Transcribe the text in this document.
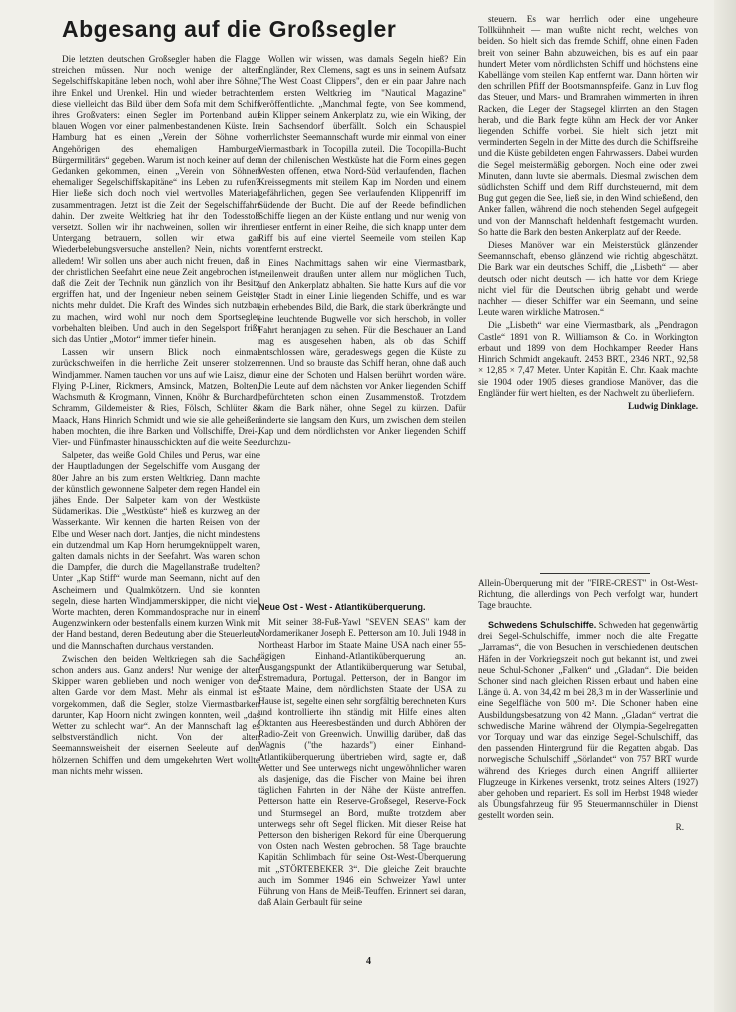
Abgesang auf die Großsegler

Die letzten deutschen Großsegler haben die Flagge streichen müssen. Nur noch wenige der alten Segelschiffskapitäne leben noch, wohl aber ihre Söhne, ihre Enkel und Urenkel. Hin und wieder betrachten diese vielleicht das Bild über dem Sofa mit dem Schiff ihres Großvaters: einen Segler im Portenband auf blauen Wogen vor einer palmenbestandenen Küste. In Hamburg hat es einen „Verein der Söhne von Angehörigen des ehemaligen Hamburger Bürgermilitärs“ gegeben. Warum ist noch keiner auf den Gedanken gekommen, einen „Verein von Söhnen ehemaliger Segelschiffskapitäne“ ins Leben zu rufen? Hier ließe sich doch noch viel wertvolles Material zusammentragen. Jetzt ist die Zeit der Segelschiffahrt dahin. Der zweite Weltkrieg hat ihr den Todesstoß versetzt. Sollen wir ihr nachweinen, sollen wir ihren Untergang betrauern, sollen wir etwa gar Wiederbelebungsversuche anstellen? Nein, nichts von alledem! Wir sollen uns aber auch nicht freuen, daß in der christlichen Seefahrt eine neue Zeit angebrochen ist, daß die Zeit der Technik nun gänzlich von ihr Besitz ergriffen hat, und der Ingenieur neben seinem Geiste nichts mehr duldet. Die Kraft des Windes sich nutzbar zu machen, wird wohl nur noch dem Sportsegler vorbehalten bleiben. Und auch in den Segelsport frißt sich das Untier „Motor“ immer tiefer hinein.

Lassen wir unsern Blick noch einmal zurückschweifen in die herrliche Zeit unserer stolzen Windjammer. Namen tauchen vor uns auf wie Laisz, die Flying P-Liner, Rickmers, Amsinck, Matzen, Bolten, Wachsmuth & Krogmann, Vinnen, Knöhr & Burchard, Schramm, Gildemeister & Ries, Fölsch, Schlüter & Maack, Hans Hinrich Schmidt und wie sie alle geheißen haben mochten, die ihre Barken und Vollschiffe, Drei-, Vier- und Fünfmaster hinausschickten auf die weite See.

Salpeter, das weiße Gold Chiles und Perus, war eine der Hauptladungen der Segelschiffe vom Ausgang der 80er Jahre an bis zum ersten Weltkrieg. Dann machte der künstlich gewonnene Salpeter dem regen Handel ein jähes Ende. Der Salpeter kam von der Westküste Südamerikas. Die „Westküste“ hieß es kurzweg an der Wasserkante. Wir kennen die harten Reisen von der Elbe und Weser nach dort. Jantjes, die nicht mindestens ein dutzendmal um Kap Horn herumgeknüppelt waren, galten damals nichts in der Seefahrt. Was waren schon die Dampfer, die durch die Magellanstraße trudelten? Unter „Kap Stiff“ wurde man Seemann, nicht auf den Ascheimern und Qualmkötzern. Und sie konnten segeln, diese harten Windjammerskipper, die nicht viel Worte machten, deren Kommandosprache nur in einem Augenzwinkern oder bestenfalls einem kurzen Wink mit der Hand bestand, deren Bedeutung aber die Steuerleute und die Mannschaften durchaus verstanden.

Zwischen den beiden Weltkriegen sah die Sache schon anders aus. Ganz anders! Nur wenige der alten Skipper waren geblieben und noch weniger von der alten Garde vor dem Mast. Mehr als einmal ist es vorgekommen, daß die Segler, stolze Viermastbarken darunter, Kap Hoorn nicht zwingen konnten, weil „das Wetter zu schlecht war“. An der Mannschaft lag es selbstverständlich nicht. Von der alten Seemannsweisheit der eisernen Seeleute auf den hölzernen Schiffen und dem umgekehrten Wert wollte man nichts mehr wissen.

Wollen wir wissen, was damals Segeln hieß? Ein Engländer, Rex Clemens, sagt es uns in seinem Aufsatz "The West Coast Clippers", den er ein paar Jahre nach dem ersten Weltkrieg im "Nautical Magazine" veröffentlichte. „Manchmal fegte, von See kommend, ein Klipper seinem Ankerplatz zu, wie ein Wiking, der ein Sachsendorf überfällt. Solch ein Schauspiel herrlichster Seemannschaft wurde mir einmal von einer Viermastbark in Tocopilla zuteil. Die Tocopilla-Bucht an der chilenischen Westküste hat die Form eines gegen Westen offenen, etwa Nord-Süd verlaufenden, flachen Kreissegments mit steilem Kap im Norden und einem gefährlichen, gegen See verlaufenden Klippenriff im Südende der Bucht. Die auf der Reede befindlichen Schiffe liegen an der Küste entlang und nur wenig von dieser entfernt in einer Reihe, die sich knapp unter dem Riff bis auf eine viertel Seemeile vom steilen Kap entfernt erstreckt.

Eines Nachmittags sahen wir eine Viermastbark, meilenweit draußen unter allem nur möglichen Tuch, auf den Ankerplatz abhalten. Sie hatte Kurs auf die vor der Stadt in einer Linie liegenden Schiffe, und es war ein erhebendes Bild, die Bark, die stark überkrängte und eine leuchtende Bugwelle vor sich herschob, in voller Fahrt heranjagen zu sehen. Für die Beschauer an Land mag es ausgesehen haben, als ob das Schiff entschlossen wäre, geradeswegs gegen die Küste zu rennen. Und so brauste das Schiff heran, ohne daß auch nur eine der Schoten und Halsen berührt worden wäre. Die Leute auf dem nächsten vor Anker liegenden Schiff befürchteten schon einen Zusammenstoß. Trotzdem kam die Bark näher, ohne Segel zu kürzen. Dafür änderte sie langsam den Kurs, um zwischen dem steilen Kap und dem nördlichsten vor Anker liegenden Schiff durchzu-

steuern. Es war herrlich oder eine ungeheure Tollkühnheit — man wußte nicht recht, welches von beiden. So hielt sich das fremde Schiff, ohne einen Faden breit von seiner Bahn abzuweichen, bis es auf ein paar hundert Meter vom nördlichsten Schiff und höchstens eine Kabellänge vom steilen Kap entfernt war. Dann hörten wir den schrillen Pfiff der Bootsmannspfeife. Ganz in Luv flog das Steuer, und Mars- und Bramrahen wimmerten in ihren Racken, die Leger der Stagsegel klirrten an den Stagen herab, und die Bark fegte kühn am Heck der vor Anker liegenden Schiffe vorbei. Sie hielt sich jetzt mit verminderten Segeln in der Mitte des durch die Schiffsreihe und die Küste gebildeten engen Fahrwassers. Dabei wurden die Segel meistermäßig geborgen. Noch eine oder zwei Minuten, dann luvte sie abermals. Diesmal zwischen dem südlichsten Schiff und dem Riff durchsteuernd, mit dem Bug gut gegen die See, ließ sie, in den Wind schießend, den Anker fallen, während die noch stehenden Segel aufgegeit und von der Mannschaft heldenhaft festgemacht wurden. So hatte die Bark den besten Ankerplatz auf der Reede.

Dieses Manöver war ein Meisterstück glänzender Seemannschaft, ebenso glänzend wie richtig abgeschätzt. Die Bark war ein deutsches Schiff, die „Lisbeth“ — aber deutsch oder nicht deutsch — ich hatte vor dem Kriege nicht viel für die Deutschen übrig gehabt und werde nachher — dieser Schiffer war ein Seemann, und seine Leute waren wirkliche Matrosen.“

Die „Lisbeth“ war eine Viermastbark, als „Pendragon Castle“ 1891 von R. Williamson & Co. in Workington erbaut und 1899 von dem Hochkamper Reeder Hans Hinrich Schmidt angekauft. 2453 BRT., 2346 NRT., 92,58 × 12,85 × 7,47 Meter. Unter Kapitän E. Chr. Kaak machte sie 1904 oder 1905 dieses grandiose Manöver, das die Engländer für wert hielten, es der Nachwelt zu überliefern.

Ludwig Dinklage.
Neue Ost - West - Atlantiküberquerung.

Mit seiner 38-Fuß-Yawl "SEVEN SEAS" kam der Nordamerikaner Joseph E. Petterson am 10. Juli 1948 in Northeast Harbor im Staate Maine USA nach einer 55-tägigen Einhand-Atlantiküberquerung an. Ausgangspunkt der Atlantiküberquerung war Setubal, Estremadura, Portugal. Petterson, der in Bangor im Staate Maine, dem nördlichsten Staate der USA zu Hause ist, segelte einen sehr sorgfältig berechneten Kurs und kontrollierte ihn ständig mit Hilfe eines alten Oktanten aus Heeresbeständen und durch Abhören der Radio-Zeit von Greenwich. Unwillig darüber, daß das Wagnis ("the hazards") einer Einhand-Atlantiküberquerung übertrieben wird, sagte er, daß Wetter und See unterwegs nicht ungewöhnlicher waren als dasjenige, das die Fischer von Maine bei ihren täglichen Fahrten in der Nähe der Küste antreffen. Petterson hatte ein Reserve-Großsegel, Reserve-Fock und Sturmsegel an Bord, mußte trotzdem aber unterwegs sehr oft Segel flicken. Mit dieser Reise hat Petterson den bisherigen Rekord für eine Überquerung von Osten nach Westen gebrochen. 58 Tage brauchte Kapitän Schlimbach für seine Ost-West-Überquerung mit „STÖRTEBEKER 3“. Die gleiche Zeit brauchte auch im Sommer 1946 ein Schweizer Yawl unter Führung von Hans de Meiß-Teuffen. Erinnert sei daran, daß Alain Gerbault für seine

Allein-Überquerung mit der "FIRE-CREST" in Ost-West-Richtung, die allerdings von Pech verfolgt war, hundert Tage brauchte.

Schwedens Schulschiffe. Schweden hat gegenwärtig drei Segel-Schulschiffe, immer noch die alte Fregatte „Jarramas“, die von Besuchen in verschiedenen deutschen Häfen in der Vorkriegszeit noch gut bekannt ist, und zwei neue Schul-Schoner „Falken“ und „Gladan“. Die beiden Schoner sind nach gleichen Rissen erbaut und haben eine Länge ü. A. von 34,42 m bei 28,3 m in der Wasserlinie und eine Segelfläche von 500 m². Die Schoner haben eine Ausbildungsbesatzung von 42 Mann. „Gladan“ vertrat die schwedische Marine während der Olympia-Segelregatten vor Torquay und war das einzige Segel-Schulschiff, das den passenden Hintergrund für die Regatten abgab. Das norwegische Schulschiff „Sörlandet“ von 757 BRT wurde während des Krieges durch einen Angriff alliierter Flugzeuge in Kirkenes versenkt, trotz seines Alters (1927) aber gehoben und repariert. Es soll im Herbst 1948 wieder als Übungsfahrzeug für 95 Steuermannschüler in Dienst gestellt worden sein.

R.
4
